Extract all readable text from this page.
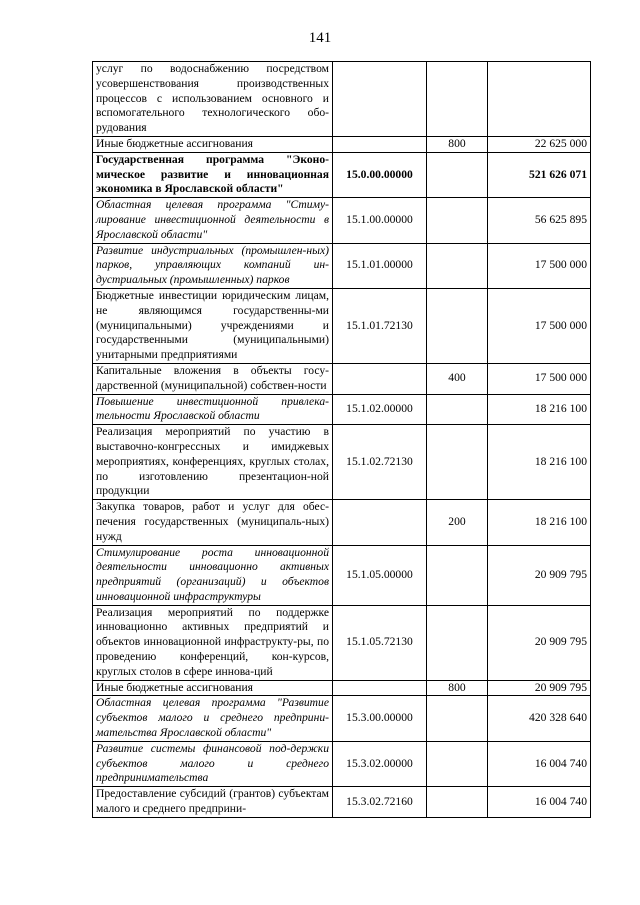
141
услуг по водоснабжению посредством усовершенствования производственных процессов с использованием основного и вспомогательного технологического обо-рудования			
Иные бюджетные ассигнования		800	22 625 000
Государственная программа "Эконо-мическое развитие и инновационная экономика в Ярославской области"	15.0.00.00000		521 626 071
Областная целевая программа "Стиму-лирование инвестиционной деятельности в Ярославской области"	15.1.00.00000		56 625 895
Развитие индустриальных (промышлен-ных) парков, управляющих компаний ин-дустриальных (промышленных) парков	15.1.01.00000		17 500 000
Бюджетные инвестиции юридическим лицам, не являющимся государственны-ми (муниципальными) учреждениями и государственными (муниципальными) унитарными предприятиями	15.1.01.72130		17 500 000
Капитальные вложения в объекты госу-дарственной (муниципальной) собствен-ности		400	17 500 000
Повышение инвестиционной привлека-тельности Ярославской области	15.1.02.00000		18 216 100
Реализация мероприятий по участию в выставочно-конгрессных и имиджевых мероприятиях, конференциях, круглых столах, по изготовлению презентацион-ной продукции	15.1.02.72130		18 216 100
Закупка товаров, работ и услуг для обес-печения государственных (муниципаль-ных) нужд		200	18 216 100
Стимулирование роста инновационной деятельности инновационно активных предприятий (организаций) и объектов инновационной инфраструктуры	15.1.05.00000		20 909 795
Реализация мероприятий по поддержке инновационно активных предприятий и объектов инновационной инфраструкту-ры, по проведению конференций, кон-курсов, круглых столов в сфере иннова-ций	15.1.05.72130		20 909 795
Иные бюджетные ассигнования		800	20 909 795
Областная целевая программа "Развитие субъектов малого и среднего предприни-мательства Ярославской области"	15.3.00.00000		420 328 640
Развитие системы финансовой под-держки субъектов малого и среднего предпринимательства	15.3.02.00000		16 004 740
Предоставление субсидий (грантов) субъектам малого и среднего предприни-	15.3.02.72160		16 004 740
